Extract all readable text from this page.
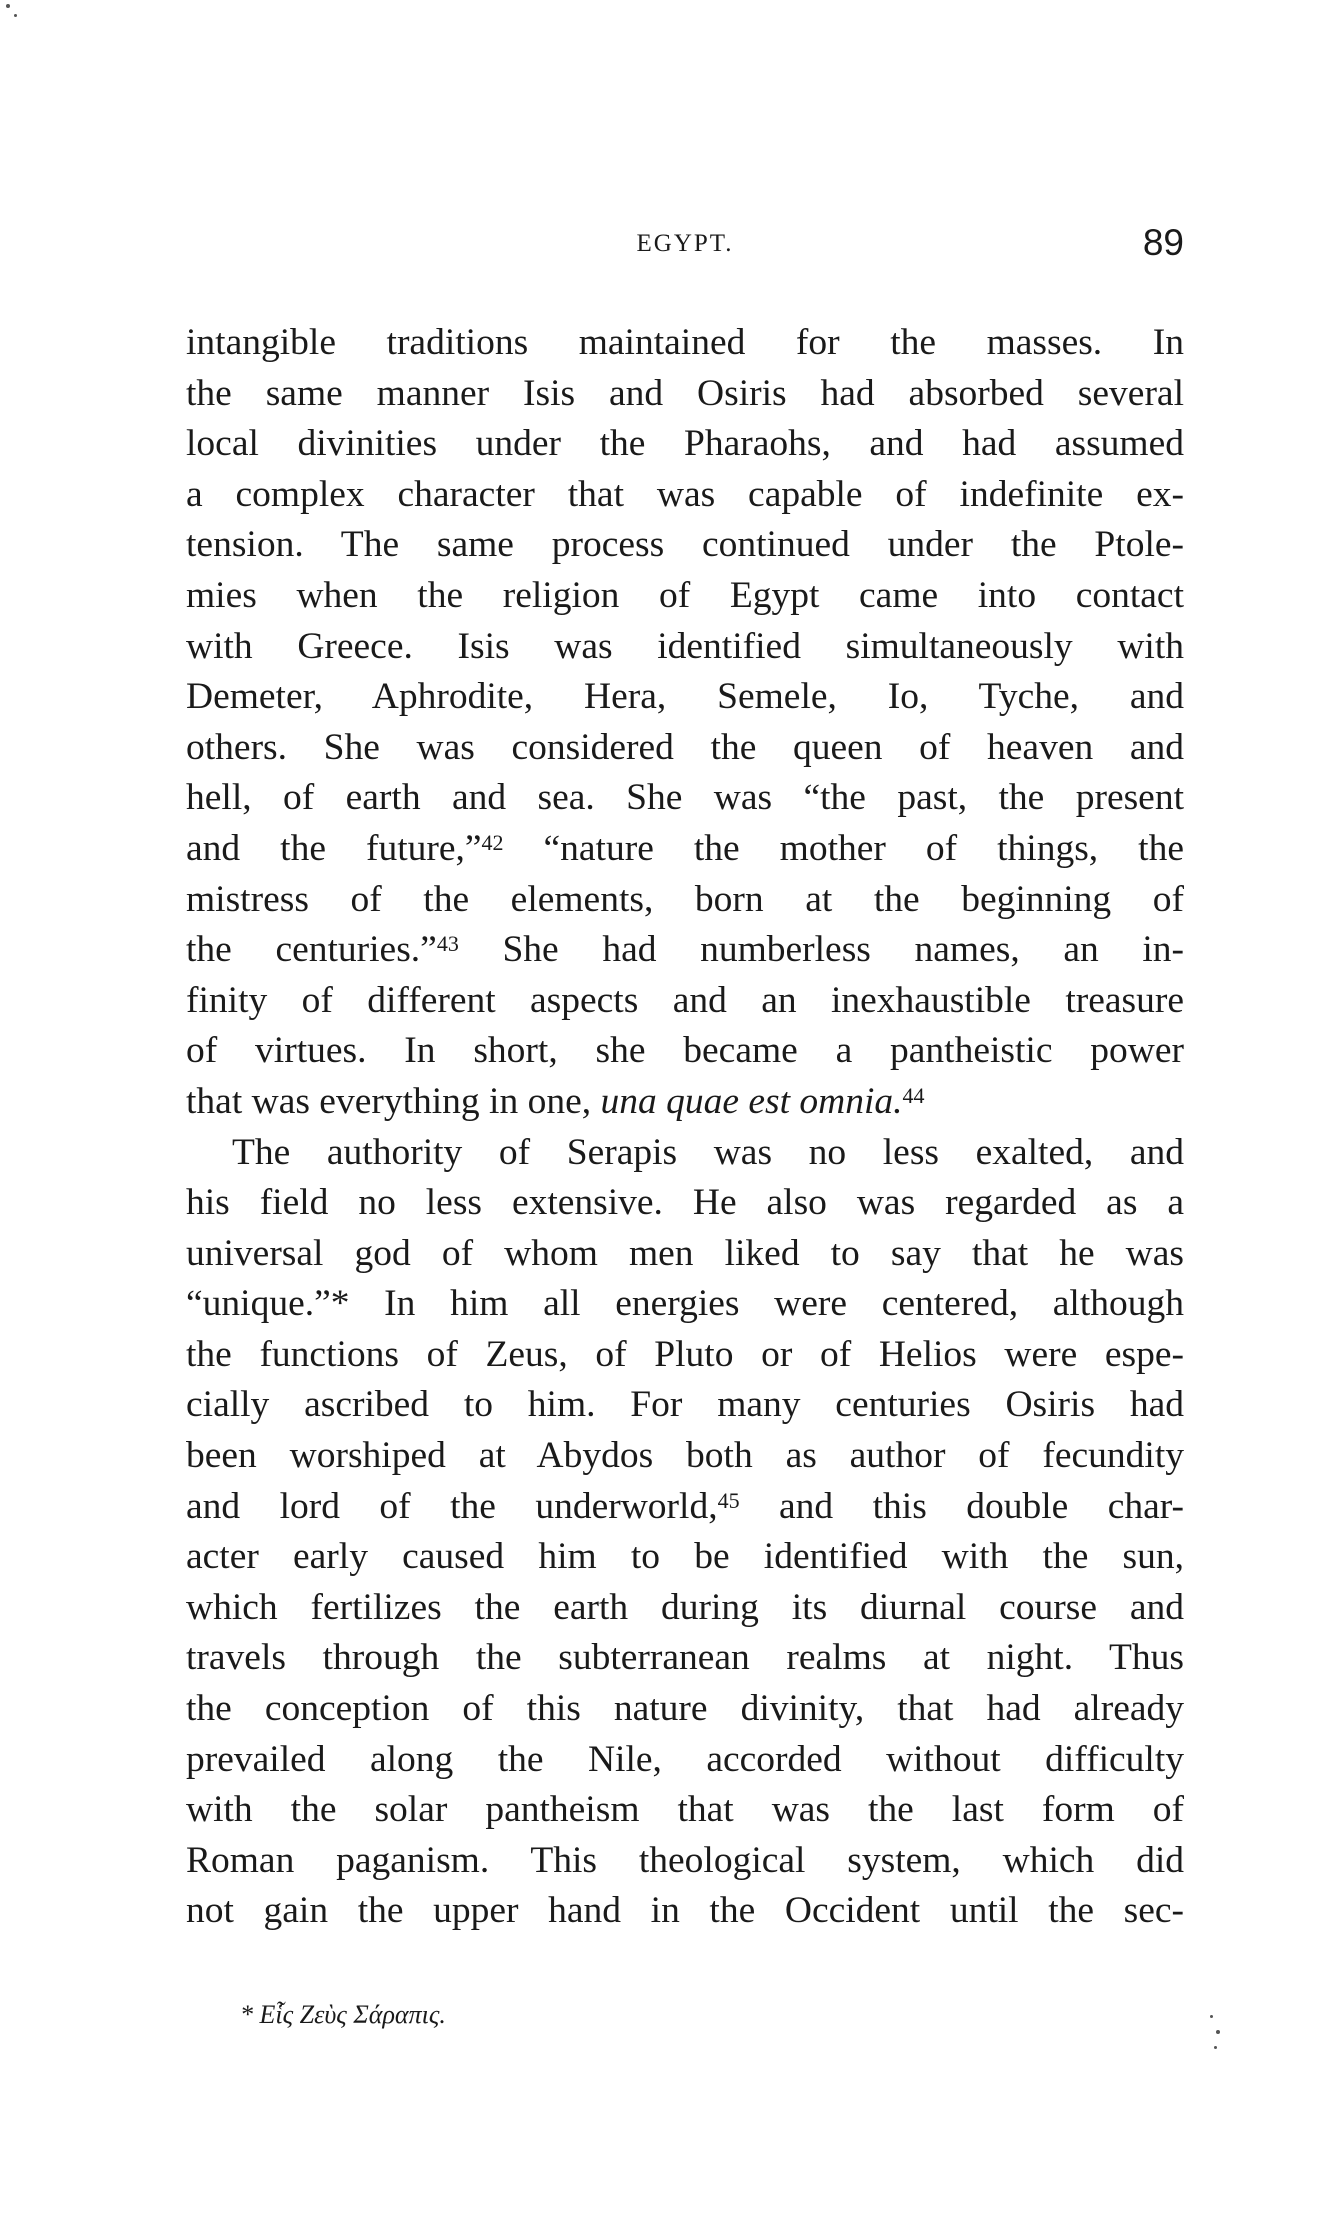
EGYPT.	89
intangible traditions maintained for the masses. In
the same manner Isis and Osiris had absorbed several
local divinities under the Pharaohs, and had assumed
a complex character that was capable of indefinite ex-
tension. The same process continued under the Ptole-
mies when the religion of Egypt came into contact
with Greece. Isis was identified simultaneously with
Demeter, Aphrodite, Hera, Semele, Io, Tyche, and
others. She was considered the queen of heaven and
hell, of earth and sea. She was “the past, the present
and the future,”$^{42}$ “nature the mother of things, the
mistress of the elements, born at the beginning of
the centuries.”$^{43}$ She had numberless names, an in-
finity of different aspects and an inexhaustible treasure
of virtues. In short, she became a pantheistic power
that was everything in one, una quae est omnia.$^{44}$
The authority of Serapis was no less exalted, and
his field no less extensive. He also was regarded as a
universal god of whom men liked to say that he was
“unique.”* In him all energies were centered, although
the functions of Zeus, of Pluto or of Helios were espe-
cially ascribed to him. For many centuries Osiris had
been worshiped at Abydos both as author of fecundity
and lord of the underworld,$^{45}$ and this double char-
acter early caused him to be identified with the sun,
which fertilizes the earth during its diurnal course and
travels through the subterranean realms at night. Thus
the conception of this nature divinity, that had already
prevailed along the Nile, accorded without difficulty
with the solar pantheism that was the last form of
Roman paganism. This theological system, which did
not gain the upper hand in the Occident until the sec-
* Εἷς Ζεὺς Σάραπις.
